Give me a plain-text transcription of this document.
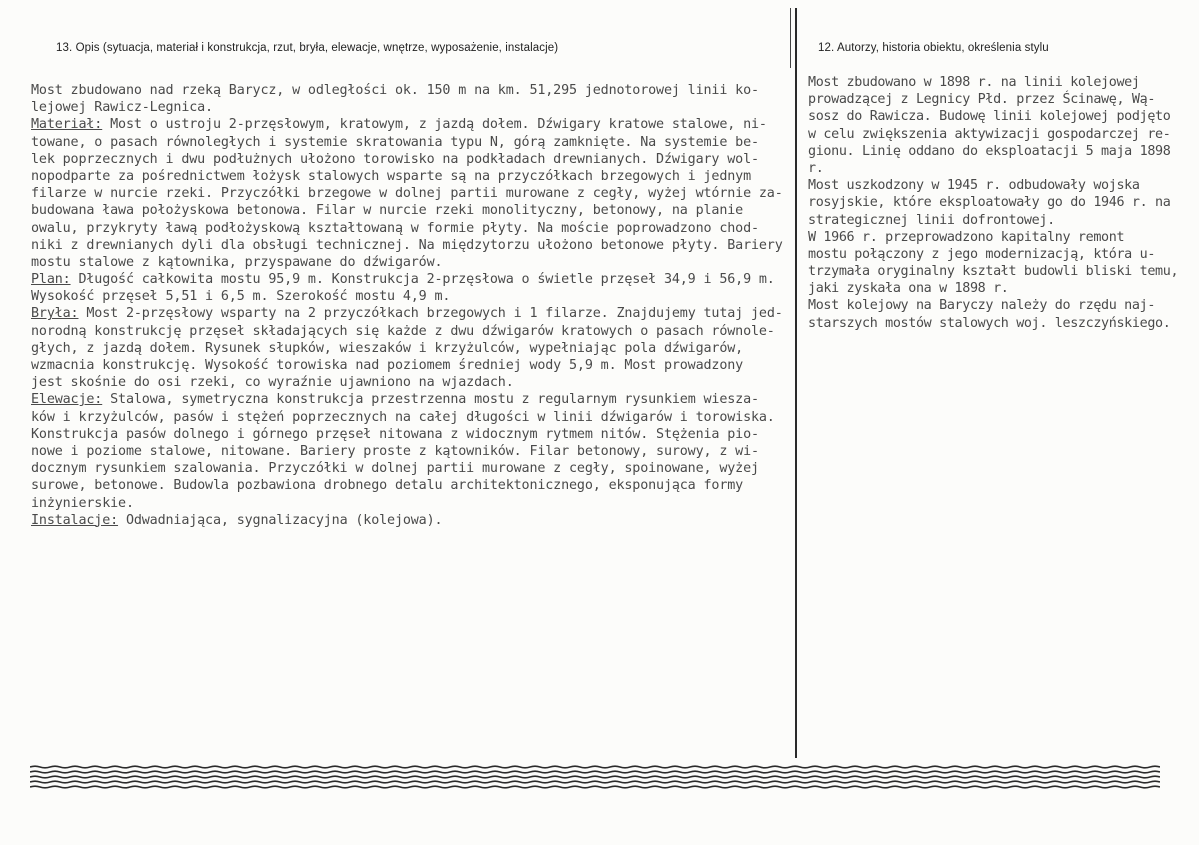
13. Opis (sytuacja, materiał i konstrukcja, rzut, bryła, elewacje, wnętrze, wyposażenie, instalacje)	12. Autorzy, historia obiektu, określenia stylu
Most zbudowano nad rzeką Barycz, w odległości ok. 150 m na km. 51,295 jednotorowej linii ko-
lejowej Rawicz-Legnica.
Materiał: Most o ustroju 2-przęsłowym, kratowym, z jazdą dołem. Dźwigary kratowe stalowe, ni-
towane, o pasach równoległych i systemie skratowania typu N, górą zamknięte. Na systemie be-
lek poprzecznych i dwu podłużnych ułożono torowisko na podkładach drewnianych. Dźwigary wol-
nopodparte za pośrednictwem łożysk stalowych wsparte są na przyczółkach brzegowych i jednym
filarze w nurcie rzeki. Przyczółki brzegowe w dolnej partii murowane z cegły, wyżej wtórnie za-
budowana ława położyskowa betonowa. Filar w nurcie rzeki monolityczny, betonowy, na planie
owalu, przykryty ławą podłożyskową kształtowaną w formie płyty. Na moście poprowadzono chod-
niki z drewnianych dyli dla obsługi technicznej. Na międzytorzu ułożono betonowe płyty. Bariery
mostu stalowe z kątownika, przyspawane do dźwigarów.
Plan: Długość całkowita mostu 95,9 m. Konstrukcja 2-przęsłowa o świetle przęseł 34,9 i 56,9 m.
Wysokość przęseł 5,51 i 6,5 m. Szerokość mostu 4,9 m.
Bryła: Most 2-przęsłowy wsparty na 2 przyczółkach brzegowych i 1 filarze. Znajdujemy tutaj jed-
norodną konstrukcję przęseł składających się każde z dwu dźwigarów kratowych o pasach równole-
głych, z jazdą dołem. Rysunek słupków, wieszaków i krzyżulców, wypełniając pola dźwigarów,
wzmacnia konstrukcję. Wysokość torowiska nad poziomem średniej wody 5,9 m. Most prowadzony
jest skośnie do osi rzeki, co wyraźnie ujawniono na wjazdach.
Elewacje: Stalowa, symetryczna konstrukcja przestrzenna mostu z regularnym rysunkiem wiesza-
ków i krzyżulców, pasów i stężeń poprzecznych na całej długości w linii dźwigarów i torowiska.
Konstrukcja pasów dolnego i górnego przęseł nitowana z widocznym rytmem nitów. Stężenia pio-
nowe i poziome stalowe, nitowane. Bariery proste z kątowników. Filar betonowy, surowy, z wi-
docznym rysunkiem szalowania. Przyczółki w dolnej partii murowane z cegły, spoinowane, wyżej
surowe, betonowe. Budowla pozbawiona drobnego detalu architektonicznego, eksponująca formy
inżynierskie.
Instalacje: Odwadniająca, sygnalizacyjna (kolejowa).
Most zbudowano w 1898 r. na linii kolejowej
prowadzącej z Legnicy Płd. przez Ścinawę, Wą-
sosz do Rawicza. Budowę linii kolejowej podjęto
w celu zwiększenia aktywizacji gospodarczej re-
gionu. Linię oddano do eksploatacji 5 maja 1898
r.
Most uszkodzony w 1945 r. odbudowały wojska
rosyjskie, które eksploatowały go do 1946 r. na
strategicznej linii dofrontowej.
W 1966 r. przeprowadzono kapitalny remont
mostu połączony z jego modernizacją, która u-
trzymała oryginalny kształt budowli bliski temu,
jaki zyskała ona w 1898 r.
Most kolejowy na Baryczy należy do rzędu naj-
starszych mostów stalowych woj. leszczyńskiego.
